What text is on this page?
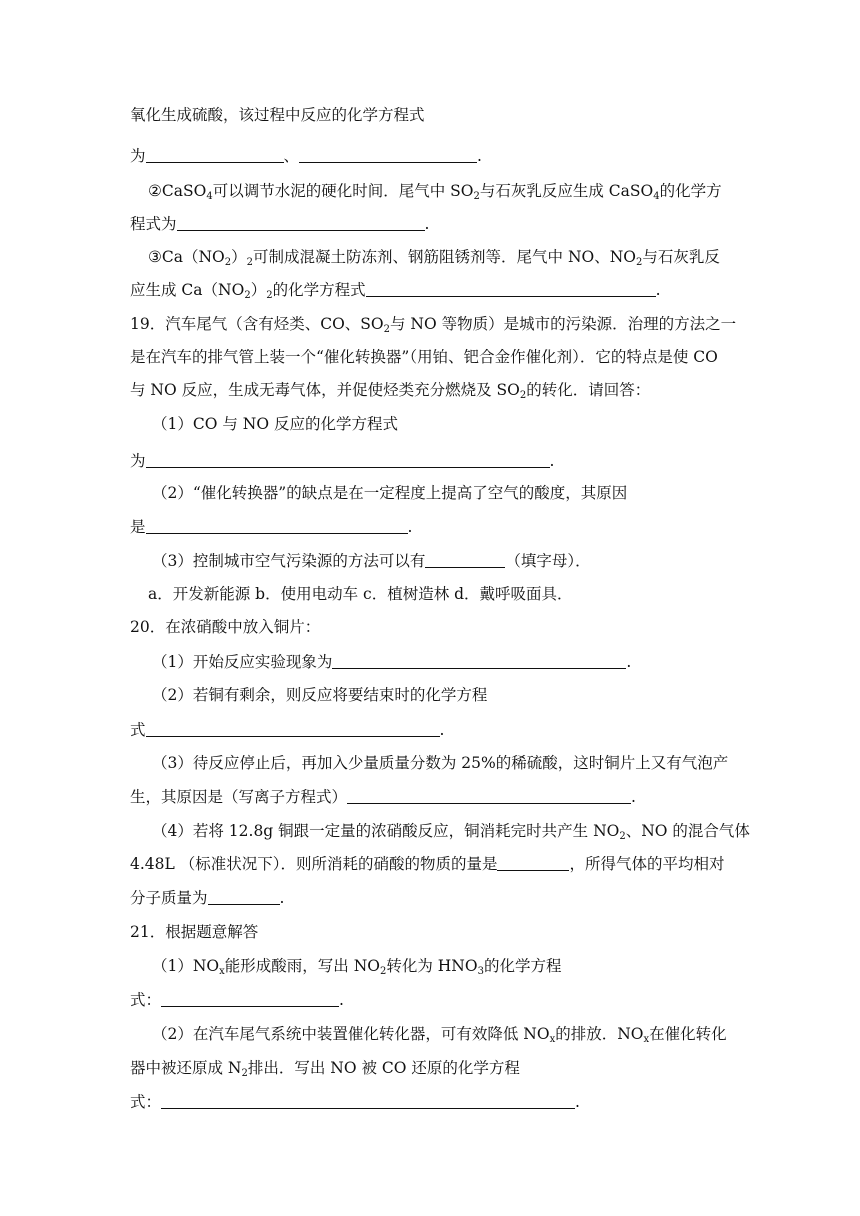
氧化生成硫酸，该过程中反应的化学方程式
为	、	.
②CaSO$_4$可以调节水泥的硬化时间．尾气中 $SO_2$与石灰乳反应生成 CaSO$_4$的化学方
程式为	.
$③Ca(NO_2)_2$可制成混凝土防冻剂、钢筋阻锈剂等．尾气中 NO、$NO_2$与石灰乳反
应生成 $Ca(NO_2)_2$的化学方程式	.
19．汽车尾气（含有烃类、CO、$SO_2$与 NO 等物质）是城市的污染源．治理的方法之一
是在汽车的排气管上装一个“催化转换器”（用铂、钯合金作催化剂）．它的特点是使 CO
与 NO 反应，生成无毒气体，并促使烃类充分燃烧及 $SO_2$的转化．请回答：
（1）CO 与 NO 反应的化学方程式
为	.
（2）“催化转换器”的缺点是在一定程度上提高了空气的酸度，其原因
是	.
（3）控制城市空气污染源的方法可以有	（填字母）．
a．开发新能源 b．使用电动车 c．植树造林 d．戴呼吸面具．
20．在浓硝酸中放入铜片：
（1）开始反应实验现象为	.
（2）若铜有剩余，则反应将要结束时的化学方程
式	.
（3）待反应停止后，再加入少量质量分数为 25%的稀硫酸，这时铜片上又有气泡产
生，其原因是（写离子方程式）	.
（4）若将 12.8g 铜跟一定量的浓硝酸反应，铜消耗完时共产生 $NO_2$、NO 的混合气体
4.48L （标准状况下）．则所消耗的硝酸的物质的量是	，所得气体的平均相对
分子质量为	.
21．根据题意解答
$(1)NO_x$能形成酸雨，写出 $NO_2$转化为 $HNO_3$的化学方程
式：	.
（2）在汽车尾气系统中装置催化转化器，可有效降低 $NO_x$的排放．$NO_x$在催化转化
器中被还原成 $N_2$排出．写出 NO 被 CO 还原的化学方程
式：	.
